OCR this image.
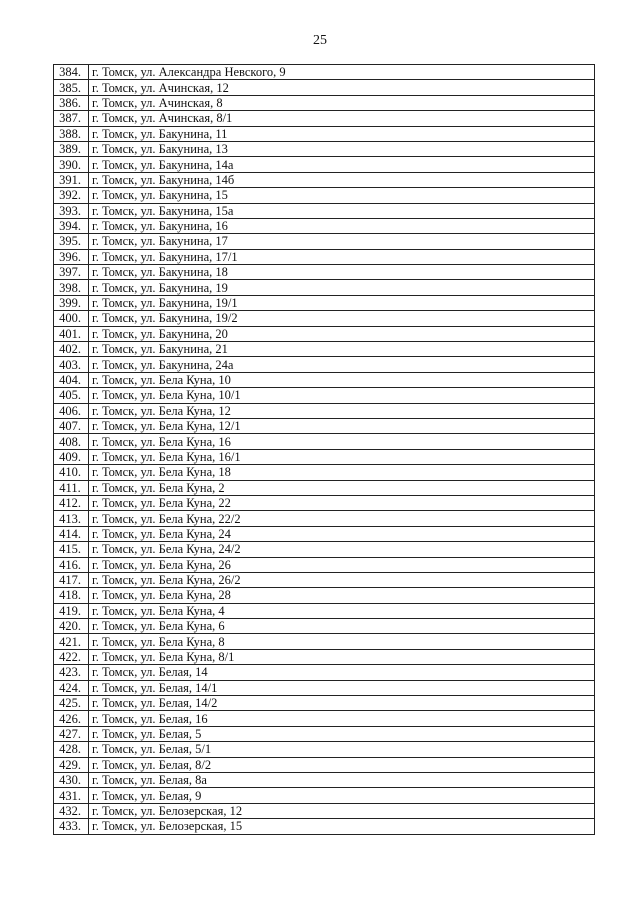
25
384.	г. Томск, ул. Александра Невского, 9
385.	г. Томск, ул. Ачинская, 12
386.	г. Томск, ул. Ачинская, 8
387.	г. Томск, ул. Ачинская, 8/1
388.	г. Томск, ул. Бакунина, 11
389.	г. Томск, ул. Бакунина, 13
390.	г. Томск, ул. Бакунина, 14а
391.	г. Томск, ул. Бакунина, 14б
392.	г. Томск, ул. Бакунина, 15
393.	г. Томск, ул. Бакунина, 15а
394.	г. Томск, ул. Бакунина, 16
395.	г. Томск, ул. Бакунина, 17
396.	г. Томск, ул. Бакунина, 17/1
397.	г. Томск, ул. Бакунина, 18
398.	г. Томск, ул. Бакунина, 19
399.	г. Томск, ул. Бакунина, 19/1
400.	г. Томск, ул. Бакунина, 19/2
401.	г. Томск, ул. Бакунина, 20
402.	г. Томск, ул. Бакунина, 21
403.	г. Томск, ул. Бакунина, 24а
404.	г. Томск, ул. Бела Куна, 10
405.	г. Томск, ул. Бела Куна, 10/1
406.	г. Томск, ул. Бела Куна, 12
407.	г. Томск, ул. Бела Куна, 12/1
408.	г. Томск, ул. Бела Куна, 16
409.	г. Томск, ул. Бела Куна, 16/1
410.	г. Томск, ул. Бела Куна, 18
411.	г. Томск, ул. Бела Куна, 2
412.	г. Томск, ул. Бела Куна, 22
413.	г. Томск, ул. Бела Куна, 22/2
414.	г. Томск, ул. Бела Куна, 24
415.	г. Томск, ул. Бела Куна, 24/2
416.	г. Томск, ул. Бела Куна, 26
417.	г. Томск, ул. Бела Куна, 26/2
418.	г. Томск, ул. Бела Куна, 28
419.	г. Томск, ул. Бела Куна, 4
420.	г. Томск, ул. Бела Куна, 6
421.	г. Томск, ул. Бела Куна, 8
422.	г. Томск, ул. Бела Куна, 8/1
423.	г. Томск, ул. Белая, 14
424.	г. Томск, ул. Белая, 14/1
425.	г. Томск, ул. Белая, 14/2
426.	г. Томск, ул. Белая, 16
427.	г. Томск, ул. Белая, 5
428.	г. Томск, ул. Белая, 5/1
429.	г. Томск, ул. Белая, 8/2
430.	г. Томск, ул. Белая, 8а
431.	г. Томск, ул. Белая, 9
432.	г. Томск, ул. Белозерская, 12
433.	г. Томск, ул. Белозерская, 15
